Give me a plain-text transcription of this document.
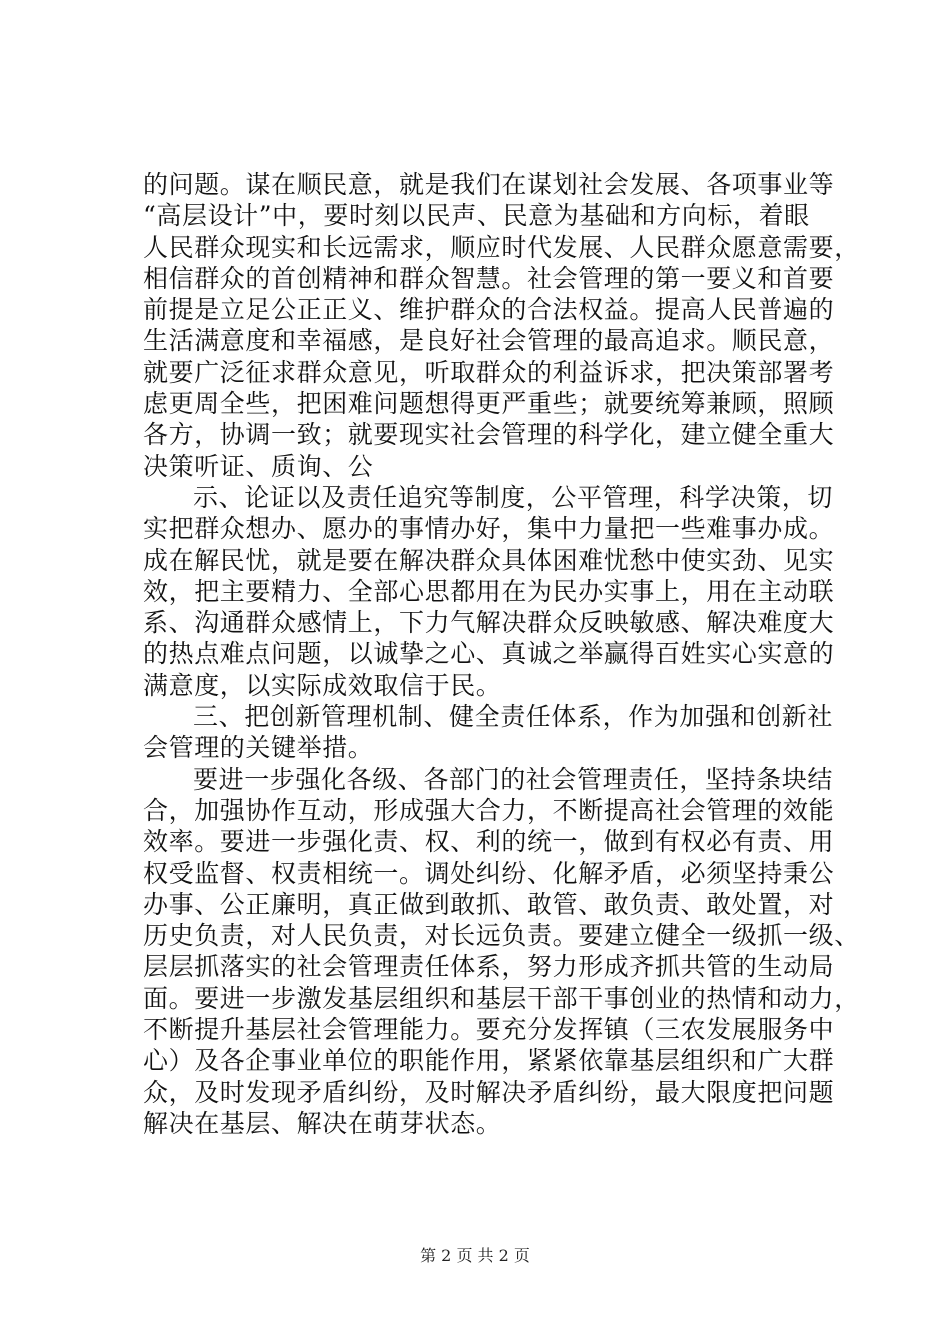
的问题。谋在顺民意，就是我们在谋划社会发展、各项事业等
“高层设计”中，要时刻以民声、民意为基础和方向标，着眼
人民群众现实和长远需求，顺应时代发展、人民群众愿意需要，
相信群众的首创精神和群众智慧。社会管理的第一要义和首要
前提是立足公正正义、维护群众的合法权益。提高人民普遍的
生活满意度和幸福感，是良好社会管理的最高追求。顺民意，
就要广泛征求群众意见，听取群众的利益诉求，把决策部署考
虑更周全些，把困难问题想得更严重些；就要统筹兼顾，照顾
各方，协调一致；就要现实社会管理的科学化，建立健全重大
决策听证、质询、公
示、论证以及责任追究等制度，公平管理，科学决策，切
实把群众想办、愿办的事情办好，集中力量把一些难事办成。
成在解民忧，就是要在解决群众具体困难忧愁中使实劲、见实
效，把主要精力、全部心思都用在为民办实事上，用在主动联
系、沟通群众感情上，下力气解决群众反映敏感、解决难度大
的热点难点问题，以诚挚之心、真诚之举赢得百姓实心实意的
满意度，以实际成效取信于民。
三、把创新管理机制、健全责任体系，作为加强和创新社
会管理的关键举措。
要进一步强化各级、各部门的社会管理责任，坚持条块结
合，加强协作互动，形成强大合力，不断提高社会管理的效能
效率。要进一步强化责、权、利的统一，做到有权必有责、用
权受监督、权责相统一。调处纠纷、化解矛盾，必须坚持秉公
办事、公正廉明，真正做到敢抓、敢管、敢负责、敢处置，对
历史负责，对人民负责，对长远负责。要建立健全一级抓一级、
层层抓落实的社会管理责任体系，努力形成齐抓共管的生动局
面。要进一步激发基层组织和基层干部干事创业的热情和动力，
不断提升基层社会管理能力。要充分发挥镇（三农发展服务中
心）及各企事业单位的职能作用，紧紧依靠基层组织和广大群
众，及时发现矛盾纠纷，及时解决矛盾纠纷，最大限度把问题
解决在基层、解决在萌芽状态。
第 2 页 共 2 页
